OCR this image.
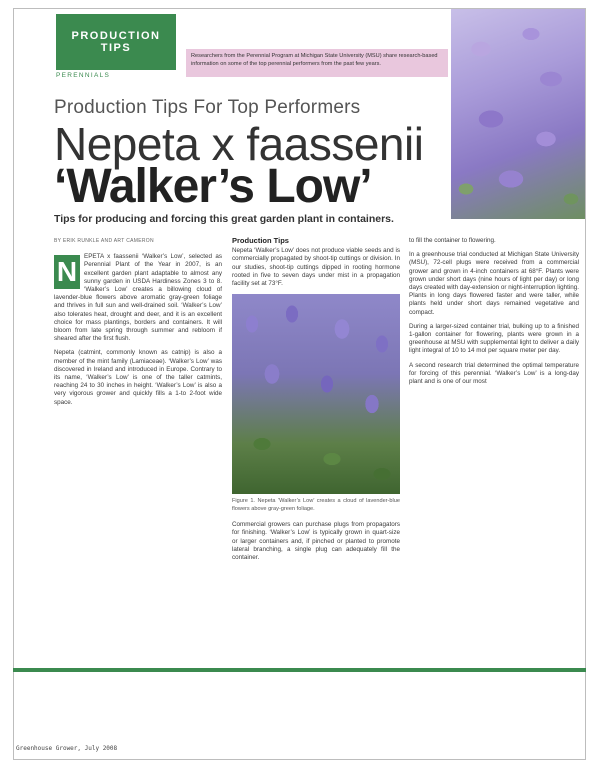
PRODUCTION
TIPS
PERENNIALS
Researchers from the Perennial Program at Michigan State University (MSU) share research-based information on some of the top perennial performers from the past few years.
Production Tips For Top Performers
Nepeta x faassenii
‘Walker’s Low’
Tips for producing and forcing this great garden plant in containers.
BY ERIK RUNKLE AND ART CAMERON
N	EPETA x faassenii ‘Walker’s Low’, selected as Perennial Plant of the Year in 2007, is an excellent garden plant adaptable to almost any sunny garden in USDA Hardiness Zones 3 to 8. ‘Walker’s Low’ creates a billowing cloud of lavender-blue flowers above aromatic gray-green foliage and thrives in full sun and well-drained soil. ‘Walker’s Low’ also tolerates heat, drought and deer, and it is an excellent choice for mass plantings, borders and containers. It will bloom from late spring through summer and rebloom if sheared after the first flush.

Nepeta (catmint, commonly known as catnip) is also a member of the mint family (Lamiaceae). ‘Walker’s Low’ was discovered in Ireland and introduced in Europe. Contrary to its name, ‘Walker’s Low’ is one of the taller catmints, reaching 24 to 30 inches in height. ‘Walker’s Low’ is also a very vigorous grower and quickly fills a 1-to 2-foot wide space.

Production Tips

Nepeta ‘Walker’s Low’ does not produce viable seeds and is commercially propagated by shoot-tip cuttings or division. In our studies, shoot-tip cuttings dipped in rooting hormone rooted in five to seven days under mist in a propagation facility set at 73°F.

Figure 1. Nepeta ‘Walker’s Low’ creates a cloud of lavender-blue flowers above gray-green foliage.

Commercial growers can purchase plugs from propagators for finishing. ‘Walker’s Low’ is typically grown in quart-size or larger containers and, if pinched or planted to promote lateral branching, a single plug can adequately fill the container.

to fill the container to flowering.

In a greenhouse trial conducted at Michigan State University (MSU), 72-cell plugs were received from a commercial grower and grown in 4-inch containers at 68°F. Plants were grown under short days (nine hours of light per day) or long days created with day-extension or night-interruption lighting. Plants in long days flowered faster and were taller, while plants held under short days remained vegetative and compact.

During a larger-sized container trial, bulking up to a finished 1-gallon container for flowering, plants were grown in a greenhouse at MSU with supplemental light to deliver a daily light integral of 10 to 14 mol per square meter per day.

A second research trial determined the optimal temperature for forcing of this perennial. ‘Walker’s Low’ is a long-day plant and is one of our most

Greenhouse Grower, July 2008
